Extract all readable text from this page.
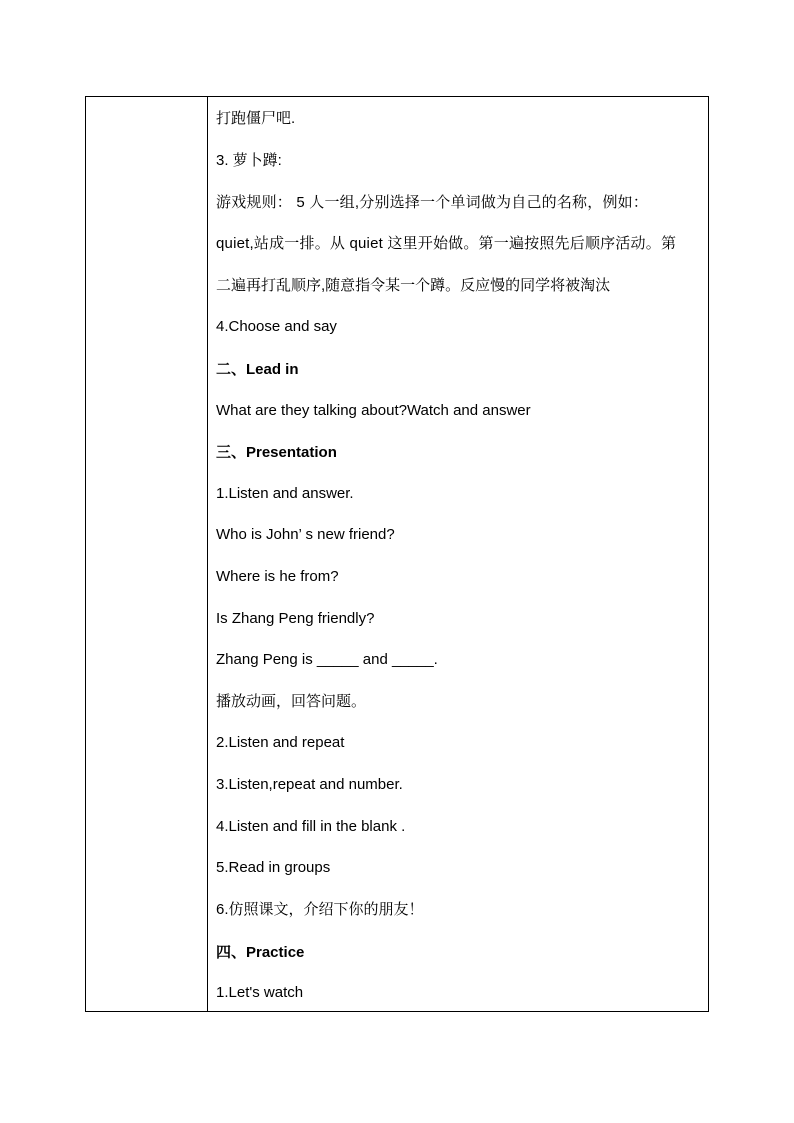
打跑僵尸吧.
3. 萝卜蹲:
游戏规则： 5 人一组,分别选择一个单词做为自己的名称，例如：
quiet,站成一排。从 quiet 这里开始做。第一遍按照先后顺序活动。第
二遍再打乱顺序,随意指令某一个蹲。反应慢的同学将被淘汰
4.Choose and say
二、Lead in
What are they talking about?Watch and answer
三、Presentation
1.Listen and answer.
Who is John’ s new friend?
Where is he from?
Is Zhang Peng friendly?
Zhang Peng is _____ and _____.
播放动画，回答问题。
2.Listen and repeat
3.Listen,repeat and number.
4.Listen and fill in the blank .
5.Read in groups
6.仿照课文，介绍下你的朋友！
四、Practice
1.Let's watch
